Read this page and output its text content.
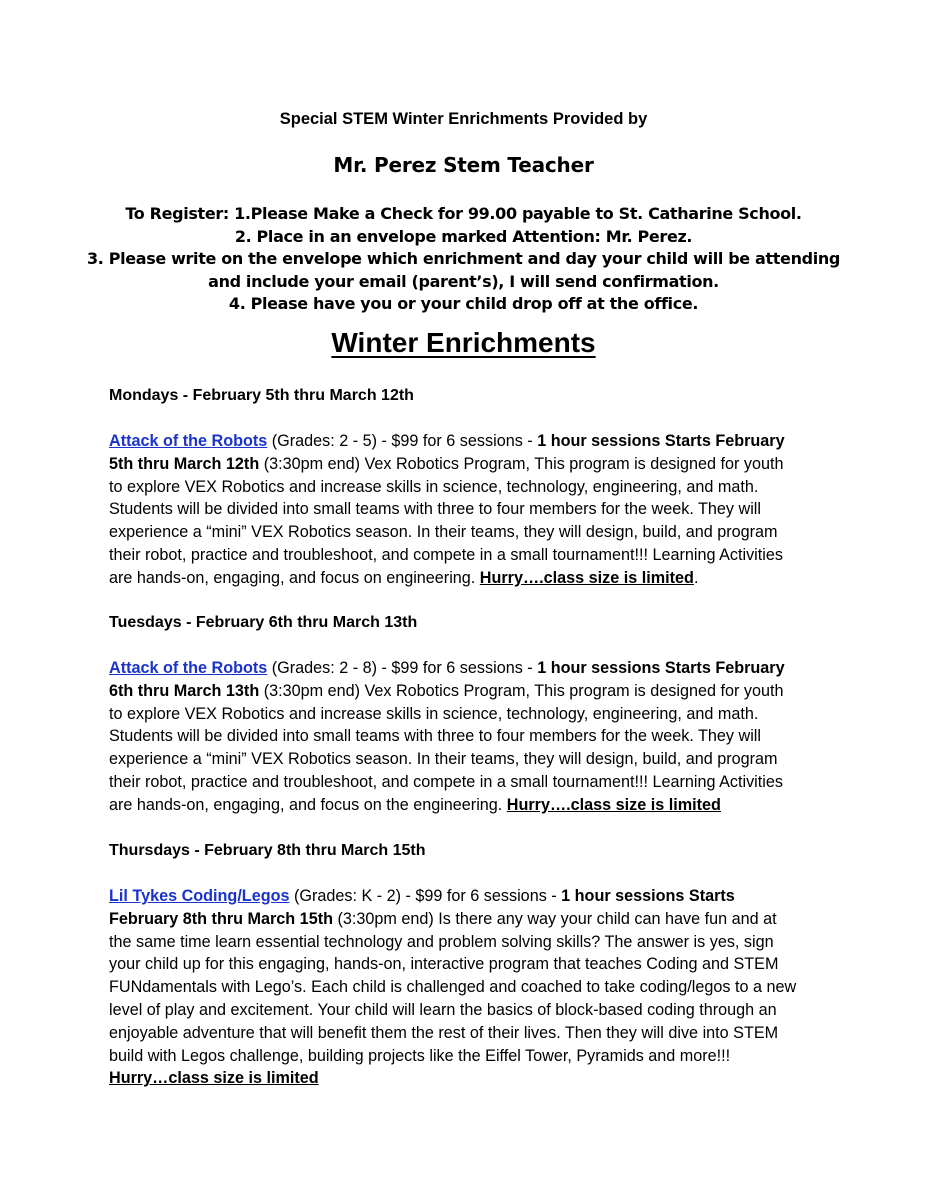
Special STEM Winter Enrichments Provided by
Mr. Perez Stem Teacher
To Register: 1.Please Make a Check for 99.00 payable to St. Catharine School.
2. Place in an envelope marked Attention: Mr. Perez.
3. Please write on the envelope which enrichment and day your child will be attending
and include your email (parent’s), I will send confirmation.
4. Please have you or your child drop off at the office.
Winter Enrichments
Mondays - February 5th thru March 12th
Attack of the Robots (Grades: 2 - 5) - $99 for 6 sessions - 1 hour sessions Starts February
5th thru March 12th (3:30pm end) Vex Robotics Program, This program is designed for youth
to explore VEX Robotics and increase skills in science, technology, engineering, and math.
Students will be divided into small teams with three to four members for the week. They will
experience a “mini” VEX Robotics season. In their teams, they will design, build, and program
their robot, practice and troubleshoot, and compete in a small tournament!!! Learning Activities
are hands-on, engaging, and focus on engineering. Hurry….class size is limited.
Tuesdays - February 6th thru March 13th
Attack of the Robots (Grades: 2 - 8) - $99 for 6 sessions - 1 hour sessions Starts February
6th thru March 13th (3:30pm end) Vex Robotics Program, This program is designed for youth
to explore VEX Robotics and increase skills in science, technology, engineering, and math.
Students will be divided into small teams with three to four members for the week. They will
experience a “mini” VEX Robotics season. In their teams, they will design, build, and program
their robot, practice and troubleshoot, and compete in a small tournament!!! Learning Activities
are hands-on, engaging, and focus on the engineering. Hurry….class size is limited
Thursdays - February 8th thru March 15th
Lil Tykes Coding/Legos (Grades: K - 2) - $99 for 6 sessions - 1 hour sessions Starts
February 8th thru March 15th (3:30pm end) Is there any way your child can have fun and at
the same time learn essential technology and problem solving skills? The answer is yes, sign
your child up for this engaging, hands-on, interactive program that teaches Coding and STEM
FUNdamentals with Lego’s. Each child is challenged and coached to take coding/legos to a new
level of play and excitement. Your child will learn the basics of block-based coding through an
enjoyable adventure that will benefit them the rest of their lives. Then they will dive into STEM
build with Legos challenge, building projects like the Eiffel Tower, Pyramids and more!!!
Hurry…class size is limited
